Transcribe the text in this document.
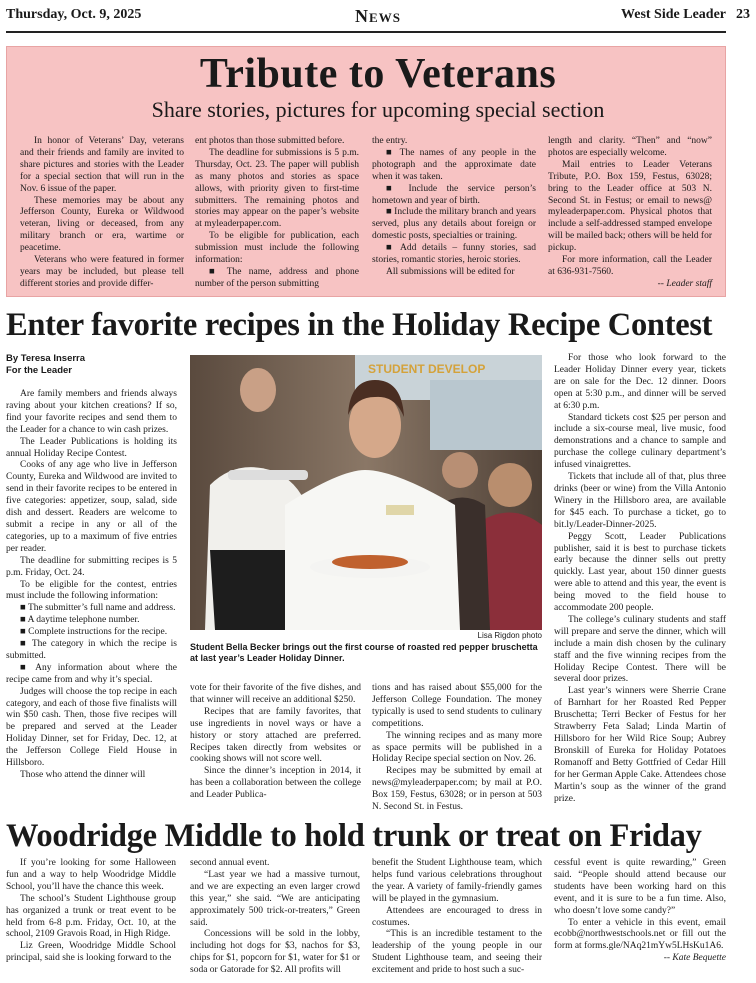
Thursday, Oct. 9, 2025	News	West Side Leader 23
Tribute to Veterans
Share stories, pictures for upcoming special section

In honor of Veterans’ Day, veterans and their friends and family are invited to share pictures and stories with the Leader for a special section that will run in the Nov. 6 issue of the paper.

These memories may be about any Jefferson County, Eureka or Wildwood veteran, living or deceased, from any military branch or era, wartime or peacetime.

Veterans who were featured in former years may be included, but please tell different stories and provide differ-

ent photos than those submitted before.

The deadline for submissions is 5 p.m. Thursday, Oct. 23. The paper will publish as many photos and stories as space allows, with priority given to first-time submitters. The remaining photos and stories may appear on the paper’s website at myleaderpaper.com.

To be eligible for publication, each submission must include the following information:

■ The name, address and phone number of the person submitting

the entry.

■ The names of any people in the photograph and the approximate date when it was taken.

■ Include the service person’s hometown and year of birth.

■ Include the military branch and years served, plus any details about foreign or domestic posts, specialties or training.

■ Add details – funny stories, sad stories, romantic stories, heroic stories.

All submissions will be edited for

length and clarity. “Then” and “now” photos are especially welcome.

Mail entries to Leader Veterans Tribute, P.O. Box 159, Festus, 63028; bring to the Leader office at 503 N. Second St. in Festus; or email to news@ myleaderpaper.com. Physical photos that include a self-addressed stamped envelope will be mailed back; others will be held for pickup.

For more information, call the Leader at 636-931-7560.

-- Leader staff

Enter favorite recipes in the Holiday Recipe Contest
By Teresa Inserra
For the Leader	STUDENT DEVELOP
Lisa Rigdon photo
Student Bella Becker brings out the first course of roasted red pepper bruschetta at last year’s Leader Holiday Dinner.

Are family members and friends always raving about your kitchen creations? If so, find your favorite recipes and send them to the Leader for a chance to win cash prizes.

The Leader Publications is holding its annual Holiday Recipe Contest.

Cooks of any age who live in Jefferson County, Eureka and Wildwood are invited to send in their favorite recipes to be entered in five categories: appetizer, soup, salad, side dish and dessert. Readers are welcome to submit a recipe in any or all of the categories, up to a maximum of five entries per reader.

The deadline for submitting recipes is 5 p.m. Friday, Oct. 24.

To be eligible for the contest, entries must include the following information:

■ The submitter’s full name and address.

■ A daytime telephone number.

■ Complete instructions for the recipe.

■ The category in which the recipe is submitted.

■ Any information about where the recipe came from and why it’s special.

Judges will choose the top recipe in each category, and each of those five finalists will win $50 cash. Then, those five recipes will be prepared and served at the Leader Holiday Dinner, set for Friday, Dec. 12, at the Jefferson College Field House in Hillsboro.

Those who attend the dinner will

vote for their favorite of the five dishes, and that winner will receive an additional $250.

Recipes that are family favorites, that use ingredients in novel ways or have a history or story attached are preferred. Recipes taken directly from websites or cooking shows will not score well.

Since the dinner’s inception in 2014, it has been a collaboration between the college and Leader Publica-

tions and has raised about $55,000 for the Jefferson College Foundation. The money typically is used to send students to culinary competitions.

The winning recipes and as many more as space permits will be published in a Holiday Recipe special section on Nov. 26.

Recipes may be submitted by email at news@myleaderpaper.com; by mail at P.O. Box 159, Festus, 63028; or in person at 503 N. Second St. in Festus.

For those who look forward to the Leader Holiday Dinner every year, tickets are on sale for the Dec. 12 dinner. Doors open at 5:30 p.m., and dinner will be served at 6:30 p.m.

Standard tickets cost $25 per person and include a six-course meal, live music, food demonstrations and a chance to sample and purchase the college culinary department’s infused vinaigrettes.

Tickets that include all of that, plus three drinks (beer or wine) from the Villa Antonio Winery in the Hillsboro area, are available for $45 each. To purchase a ticket, go to bit.ly/Leader-Dinner-2025.

Peggy Scott, Leader Publications publisher, said it is best to purchase tickets early because the dinner sells out pretty quickly. Last year, about 150 dinner guests were able to attend and this year, the event is being moved to the field house to accommodate 200 people.

The college’s culinary students and staff will prepare and serve the dinner, which will include a main dish chosen by the culinary staff and the five winning recipes from the Holiday Recipe Contest. There will be several door prizes.

Last year’s winners were Sherrie Crane of Barnhart for her Roasted Red Pepper Bruschetta; Terri Becker of Festus for her Strawberry Feta Salad; Linda Martin of Hillsboro for her Wild Rice Soup; Aubrey Bronskill of Eureka for Holiday Potatoes Romanoff and Betty Gottfried of Cedar Hill for her German Apple Cake. Attendees chose Martin’s soup as the winner of the grand prize.

Woodridge Middle to hold trunk or treat on Friday

If you’re looking for some Halloween fun and a way to help Woodridge Middle School, you’ll have the chance this week.

The school’s Student Lighthouse group has organized a trunk or treat event to be held from 6-8 p.m. Friday, Oct. 10, at the school, 2109 Gravois Road, in High Ridge.

Liz Green, Woodridge Middle School principal, said she is looking forward to the

second annual event.

“Last year we had a massive turnout, and we are expecting an even larger crowd this year,” she said. “We are anticipating approximately 500 trick-or-treaters,” Green said.

Concessions will be sold in the lobby, including hot dogs for $3, nachos for $3, chips for $1, popcorn for $1, water for $1 or soda or Gatorade for $2. All profits will

benefit the Student Lighthouse team, which helps fund various celebrations throughout the year. A variety of family-friendly games will be played in the gymnasium.

Attendees are encouraged to dress in costumes.

“This is an incredible testament to the leadership of the young people in our Student Lighthouse team, and seeing their excitement and pride to host such a suc-

cessful event is quite rewarding,” Green said. “People should attend because our students have been working hard on this event, and it is sure to be a fun time. Also, who doesn’t love some candy?”

To enter a vehicle in this event, email ecobb@northwestschools.net or fill out the form at forms.gle/NAq21mYw5LHsKu1A6.

-- Kate Bequette
